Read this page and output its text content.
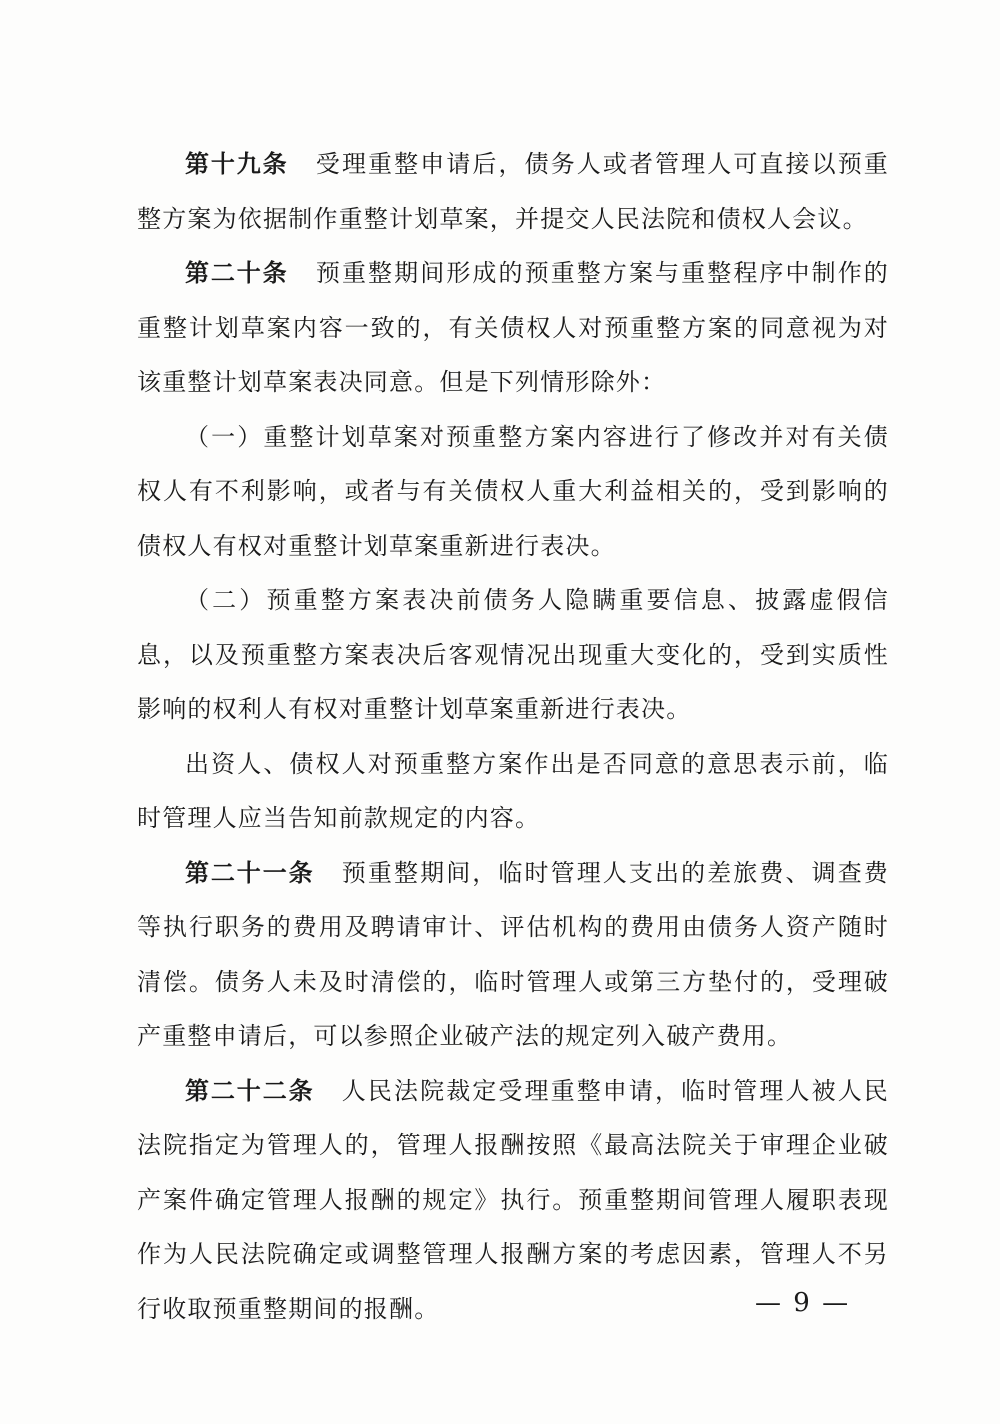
第十九条 受理重整申请后，债务人或者管理人可直接以预重整方案为依据制作重整计划草案，并提交人民法院和债权人会议。

第二十条 预重整期间形成的预重整方案与重整程序中制作的重整计划草案内容一致的，有关债权人对预重整方案的同意视为对该重整计划草案表决同意。但是下列情形除外：

（一）重整计划草案对预重整方案内容进行了修改并对有关债权人有不利影响，或者与有关债权人重大利益相关的，受到影响的债权人有权对重整计划草案重新进行表决。

（二）预重整方案表决前债务人隐瞒重要信息、披露虚假信息，以及预重整方案表决后客观情况出现重大变化的，受到实质性影响的权利人有权对重整计划草案重新进行表决。

出资人、债权人对预重整方案作出是否同意的意思表示前，临时管理人应当告知前款规定的内容。

第二十一条 预重整期间，临时管理人支出的差旅费、调查费等执行职务的费用及聘请审计、评估机构的费用由债务人资产随时清偿。债务人未及时清偿的，临时管理人或第三方垫付的，受理破产重整申请后，可以参照企业破产法的规定列入破产费用。

第二十二条 人民法院裁定受理重整申请，临时管理人被人民法院指定为管理人的，管理人报酬按照《最高法院关于审理企业破产案件确定管理人报酬的规定》执行。预重整期间管理人履职表现作为人民法院确定或调整管理人报酬方案的考虑因素，管理人不另行收取预重整期间的报酬。	— 9 —
